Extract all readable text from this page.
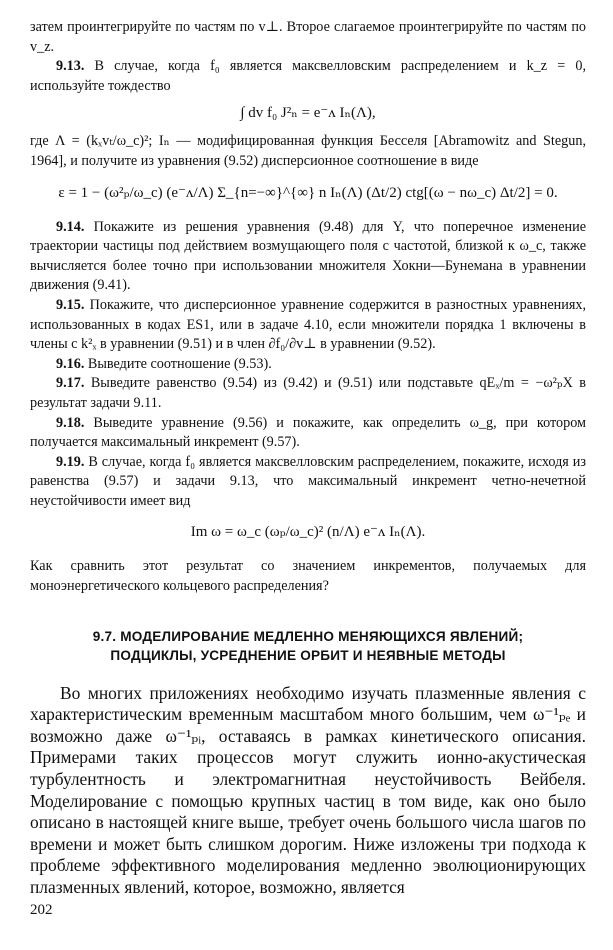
затем проинтегрируйте по частям по v⊥. Второе слагаемое проинтегрируйте по частям по v_z.

9.13. В случае, когда f₀ является максвелловским распределением и k_z = 0, используйте тождество

∫ dv f₀ J²ₙ = e⁻ᴧ Iₙ(Λ),

где Λ = (kₓvₜ/ω_c)²; Iₙ — модифицированная функция Бесселя [Abramowitz and Stegun, 1964], и получите из уравнения (9.52) дисперсионное соотношение в виде

ε = 1 − (ω²ₚ/ω_c) (e⁻ᴧ/Λ) Σ_{n=−∞}^{∞} n Iₙ(Λ) (Δt/2) ctg[(ω − nω_c) Δt/2] = 0.

9.14. Покажите из решения уравнения (9.48) для Y, что поперечное изменение траектории частицы под действием возмущающего поля с частотой, близкой к ω_c, также вычисляется более точно при использовании множителя Хокни—Бунемана в уравнении движения (9.41).

9.15. Покажите, что дисперсионное уравнение содержится в разностных уравнениях, использованных в кодах ES1, или в задаче 4.10, если множители порядка 1 включены в члены с k²ₓ в уравнении (9.51) и в член ∂f₀/∂v⊥ в уравнении (9.52).

9.16. Выведите соотношение (9.53).

9.17. Выведите равенство (9.54) из (9.42) и (9.51) или подставьте qEₓ/m = −ω²ₚX в результат задачи 9.11.

9.18. Выведите уравнение (9.56) и покажите, как определить ω_g, при котором получается максимальный инкремент (9.57).

9.19. В случае, когда f₀ является максвелловским распределением, покажите, исходя из равенства (9.57) и задачи 9.13, что максимальный инкремент четно-нечетной неустойчивости имеет вид

Im ω = ω_c (ωₚ/ω_c)² (n/Λ) e⁻ᴧ Iₙ(Λ).

Как сравнить этот результат со значением инкрементов, получаемых для моноэнергетического кольцевого распределения?

9.7. МОДЕЛИРОВАНИЕ МЕДЛЕННО МЕНЯЮЩИХСЯ ЯВЛЕНИЙ;
ПОДЦИКЛЫ, УСРЕДНЕНИЕ ОРБИТ И НЕЯВНЫЕ МЕТОДЫ

Во многих приложениях необходимо изучать плазменные явления с характеристическим временным масштабом много большим, чем ω⁻¹ₚₑ и возможно даже ω⁻¹ₚᵢ, оставаясь в рамках кинетического описания. Примерами таких процессов могут служить ионно-акустическая турбулентность и электромагнитная неустойчивость Вейбеля. Моделирование с помощью крупных частиц в том виде, как оно было описано в настоящей книге выше, требует очень большого числа шагов по времени и может быть слишком дорогим. Ниже изложены три подхода к проблеме эффективного моделирования медленно эволюционирующих плазменных явлений, которое, возможно, является

202
